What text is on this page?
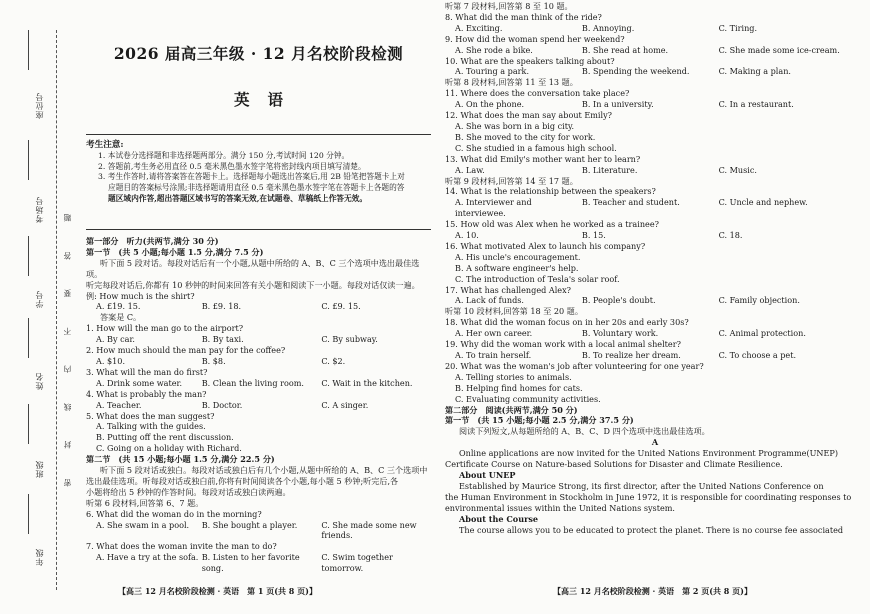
座位号
考场号
学号
姓名
班级
年级
密 封 线 内 不 要 答 题
2026 届高三年级 · 12 月名校阶段检测
英语

考生注意:

1. 本试卷分选择题和非选择题两部分。满分 150 分,考试时间 120 分钟。

2. 答题前,考生务必用直径 0.5 毫米黑色墨水签字笔将密封线内项目填写清楚。

3. 考生作答时,请将答案答在答题卡上。选择题每小题选出答案后,用 2B 铅笔把答题卡上对

应题目的答案标号涂黑;非选择题请用直径 0.5 毫米黑色墨水签字笔在答题卡上各题的答

题区域内作答,超出答题区域书写的答案无效,在试题卷、草稿纸上作答无效。

第一部分　听力(共两节,满分 30 分)

第一节　(共 5 小题;每小题 1.5 分,满分 7.5 分)

听下面 5 段对话。每段对话后有一个小题,从题中所给的 A、B、C 三个选项中选出最佳选项。

听完每段对话后,你都有 10 秒钟的时间来回答有关小题和阅读下一小题。每段对话仅读一遍。

例: How much is the shirt?

A. £19. 15.	B. £9. 18.	C. £9. 15.

答案是 C。

1. How will the man go to the airport?

A. By car.	B. By taxi.	C. By subway.

2. How much should the man pay for the coffee?

A. $10.	B. $8.	C. $2.

3. What will the man do first?

A. Drink some water.	B. Clean the living room.	C. Wait in the kitchen.

4. What is probably the man?

A. Teacher.	B. Doctor.	C. A singer.

5. What does the man suggest?

A. Talking with the guides.

B. Putting off the rent discussion.

C. Going on a holiday with Richard.

第二节　(共 15 小题;每小题 1.5 分,满分 22.5 分)

听下面 5 段对话或独白。每段对话或独白后有几个小题,从题中所给的 A、B、C 三个选项中

选出最佳选项。听每段对话或独白前,你将有时间阅读各个小题,每小题 5 秒钟;听完后,各

小题将给出 5 秒钟的作答时间。每段对话或独白读两遍。

听第 6 段材料,回答第 6、7 题。

6. What did the woman do in the morning?

A. She swam in a pool.	B. She bought a player.	C. She made some new friends.

7. What does the woman invite the man to do?

A. Have a try at the sofa. B. Listen to her favorite song.
C. Swim together tomorrow.
【高三 12 月名校阶段检测 · 英语　第 1 页(共 8 页)】

听第 7 段材料,回答第 8 至 10 题。

8. What did the man think of the ride?

A. Exciting.	B. Annoying.	C. Tiring.

9. How did the woman spend her weekend?

A. She rode a bike.	B. She read at home.	C. She made some ice-cream.

10. What are the speakers talking about?

A. Touring a park.	B. Spending the weekend.	C. Making a plan.

听第 8 段材料,回答第 11 至 13 题。

11. Where does the conversation take place?

A. On the phone.	B. In a university.	C. In a restaurant.

12. What does the man say about Emily?

A. She was born in a big city.

B. She moved to the city for work.

C. She studied in a famous high school.

13. What did Emily's mother want her to learn?

A. Law.	B. Literature.	C. Music.

听第 9 段材料,回答第 14 至 17 题。

14. What is the relationship between the speakers?

A. Interviewer and interviewee.
B. Teacher and student.	C. Uncle and nephew.

15. How old was Alex when he worked as a trainee?

A. 10.	B. 15.	C. 18.

16. What motivated Alex to launch his company?

A. His uncle's encouragement.

B. A software engineer's help.

C. The introduction of Tesla's solar roof.

17. What has challenged Alex?

A. Lack of funds.	B. People's doubt.	C. Family objection.

听第 10 段材料,回答第 18 至 20 题。

18. What did the woman focus on in her 20s and early 30s?

A. Her own career.	B. Voluntary work.	C. Animal protection.

19. Why did the woman work with a local animal shelter?

A. To train herself.	B. To realize her dream.	C. To choose a pet.

20. What was the woman's job after volunteering for one year?

A. Telling stories to animals.

B. Helping find homes for cats.

C. Evaluating community activities.

第二部分　阅读(共两节,满分 50 分)

第一节　(共 15 小题;每小题 2.5 分,满分 37.5 分)

阅读下列短文,从每题所给的 A、B、C、D 四个选项中选出最佳选项。

A

Online applications are now invited for the United Nations Environment Programme(UNEP)

Certificate Course on Nature-based Solutions for Disaster and Climate Resilience.

About UNEP

Established by Maurice Strong, its first director, after the United Nations Conference on

the Human Environment in Stockholm in June 1972, it is responsible for coordinating responses to

environmental issues within the United Nations system.

About the Course

The course allows you to be educated to protect the planet. There is no course fee associated

【高三 12 月名校阶段检测 · 英语　第 2 页(共 8 页)】
